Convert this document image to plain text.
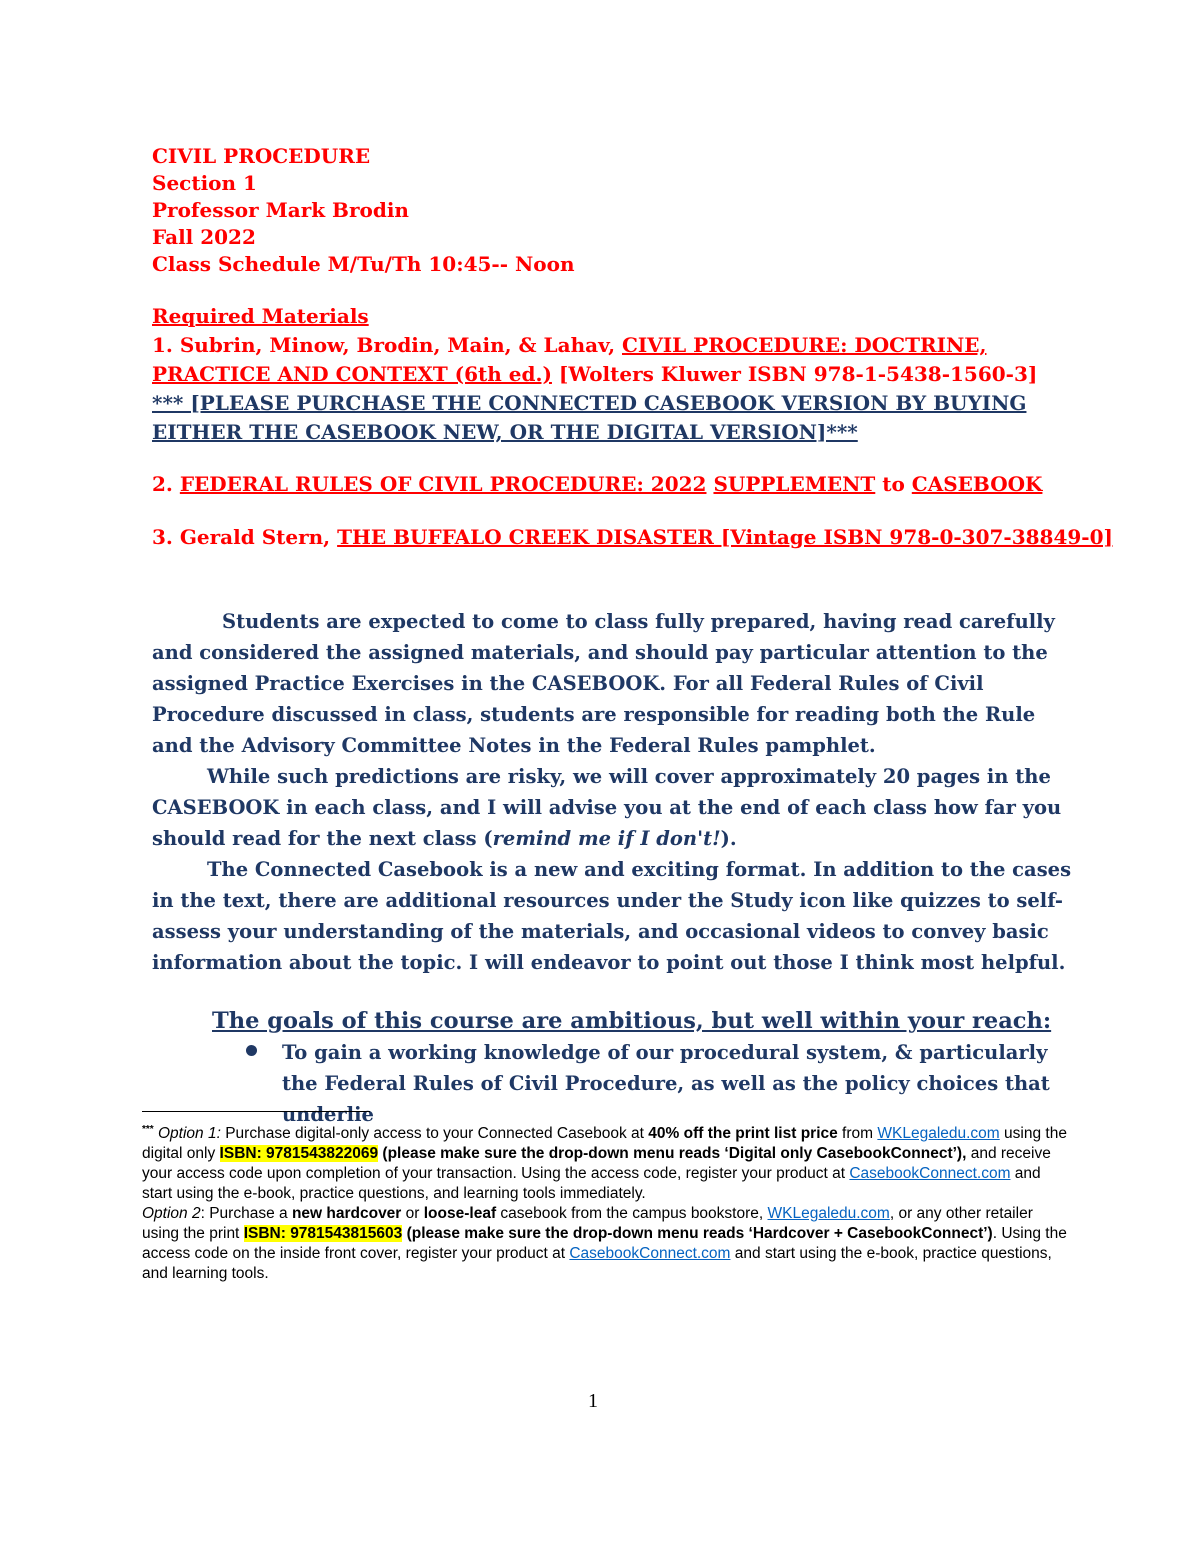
CIVIL PROCEDURE
Section 1
Professor Mark Brodin
Fall 2022
Class Schedule M/Tu/Th 10:45-- Noon
Required Materials
1. Subrin, Minow, Brodin, Main, & Lahav, CIVIL PROCEDURE: DOCTRINE,
PRACTICE AND CONTEXT (6th ed.) [Wolters Kluwer ISBN 978-1-5438-1560-3]
*** [PLEASE PURCHASE THE CONNECTED CASEBOOK VERSION BY BUYING
EITHER THE CASEBOOK NEW, OR THE DIGITAL VERSION]***
2. FEDERAL RULES OF CIVIL PROCEDURE: 2022 SUPPLEMENT to CASEBOOK
3. Gerald Stern, THE BUFFALO CREEK DISASTER [Vintage ISBN 978-0-307-38849-0]

Students are expected to come to class fully prepared, having read carefully and considered the assigned materials, and should pay particular attention to the assigned Practice Exercises in the CASEBOOK. For all Federal Rules of Civil Procedure discussed in class, students are responsible for reading both the Rule and the Advisory Committee Notes in the Federal Rules pamphlet.

While such predictions are risky, we will cover approximately 20 pages in the CASEBOOK in each class, and I will advise you at the end of each class how far you should read for the next class (remind me if I don't!).

The Connected Casebook is a new and exciting format. In addition to the cases in the text, there are additional resources under the Study icon like quizzes to self-assess your understanding of the materials, and occasional videos to convey basic information about the topic. I will endeavor to point out those I think most helpful.

The goals of this course are ambitious, but well within your reach:
To gain a working knowledge of our procedural system, & particularly the Federal Rules of Civil Procedure, as well as the policy choices that underlie

*** Option 1: Purchase digital-only access to your Connected Casebook at 40% off the print list price from WKLegaledu.com using the digital only ISBN: 9781543822069 (please make sure the drop-down menu reads ‘Digital only CasebookConnect’), and receive your access code upon completion of your transaction. Using the access code, register your product at CasebookConnect.com and start using the e-book, practice questions, and learning tools immediately.

Option 2: Purchase a new hardcover or loose-leaf casebook from the campus bookstore, WKLegaledu.com, or any other retailer using the print ISBN: 9781543815603 (please make sure the drop-down menu reads ‘Hardcover + CasebookConnect’). Using the access code on the inside front cover, register your product at CasebookConnect.com and start using the e-book, practice questions, and learning tools.

1
